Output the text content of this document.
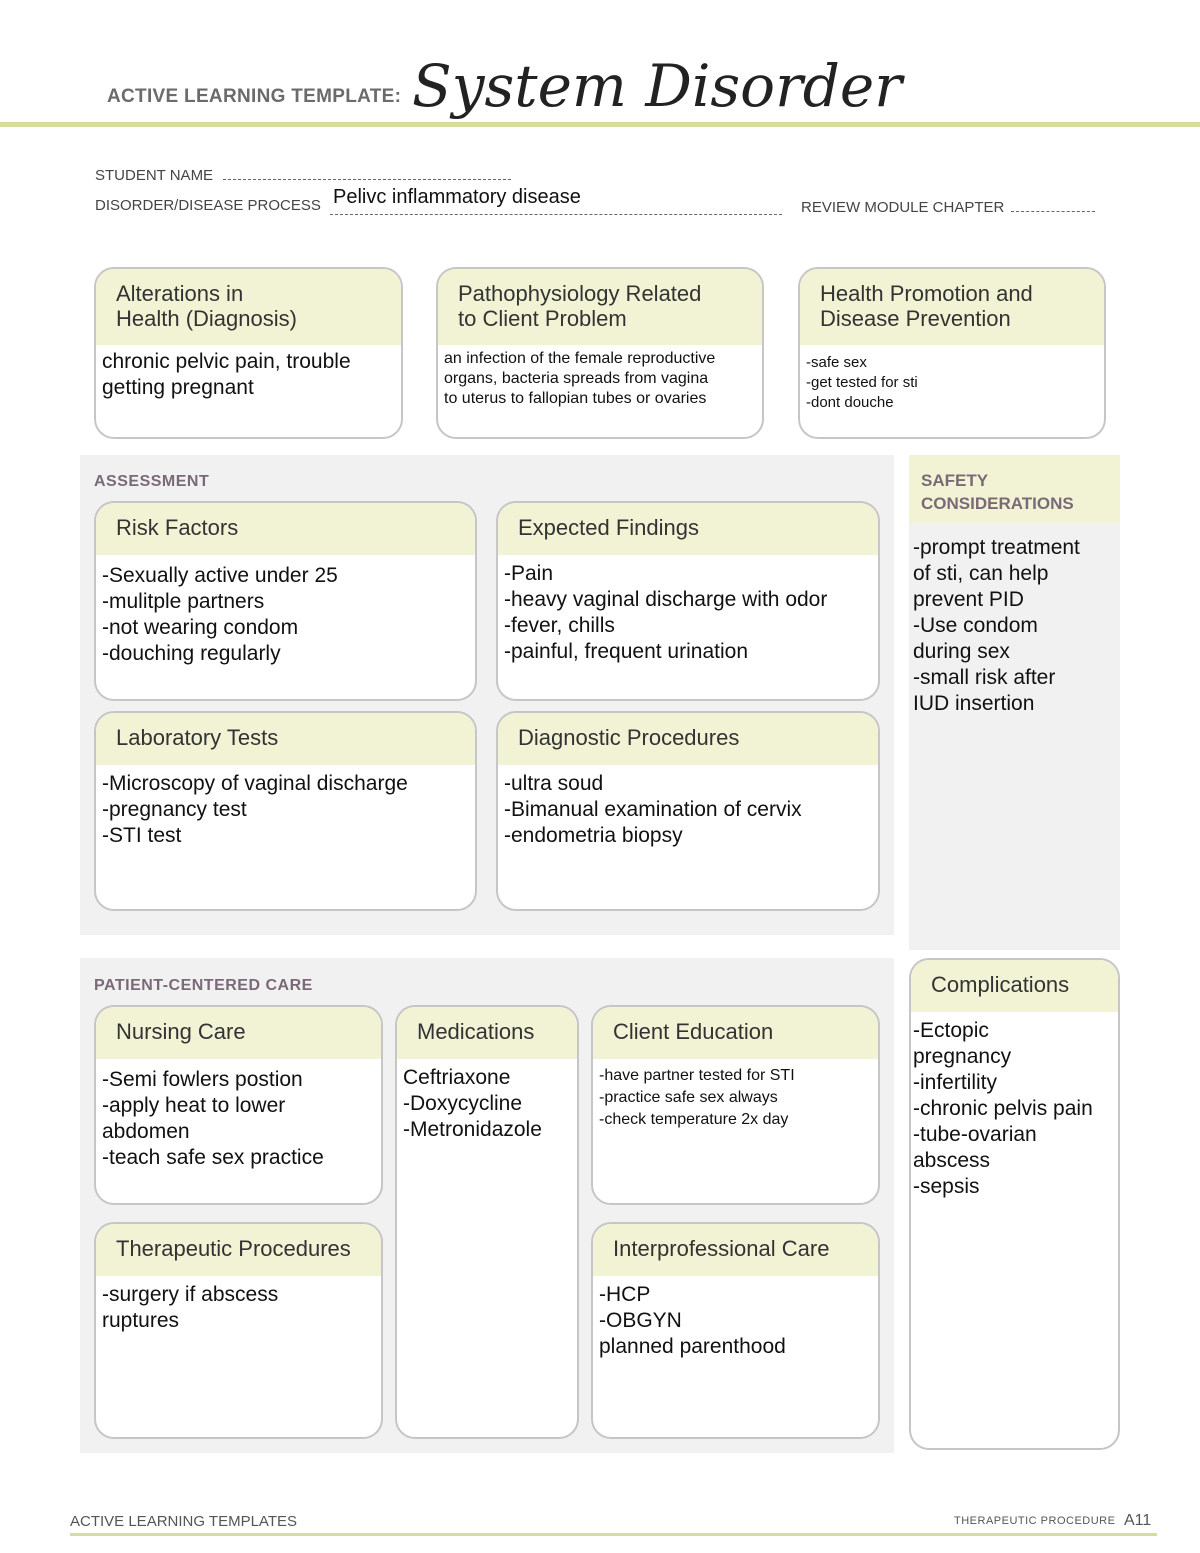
ACTIVE LEARNING TEMPLATE: System Disorder
STUDENT NAME
DISORDER/DISEASE PROCESS Pelivc inflammatory disease	REVIEW MODULE CHAPTER
Alterations in
Health (Diagnosis)
chronic pelvic pain, trouble
getting pregnant
Pathophysiology Related
to Client Problem
an infection of the female reproductive
organs, bacteria spreads from vagina
to uterus to fallopian tubes or ovaries
Health Promotion and
Disease Prevention
-safe sex
-get tested for sti
-dont douche
ASSESSMENT
Risk Factors
-Sexually active under 25
-mulitple partners
-not wearing condom
-douching regularly
Expected Findings
-Pain
-heavy vaginal discharge with odor
-fever, chills
-painful, frequent urination
Laboratory Tests
-Microscopy of vaginal discharge
-pregnancy test
-STI test
Diagnostic Procedures
-ultra soud
-Bimanual examination of cervix
-endometria biopsy
SAFETY
CONSIDERATIONS
-prompt treatment
of sti, can help
prevent PID
-Use condom
during sex
-small risk after
IUD insertion
PATIENT-CENTERED CARE
Nursing Care
-Semi fowlers postion
-apply heat to lower
abdomen
-teach safe sex practice
Medications
Ceftriaxone
-Doxycycline
-Metronidazole
Client Education
-have partner tested for STI
-practice safe sex always
-check temperature 2x day
Therapeutic Procedures
-surgery if abscess
ruptures
Interprofessional Care
-HCP
-OBGYN
planned parenthood
Complications
-Ectopic
pregnancy
-infertility
-chronic pelvis pain
-tube-ovarian
abscess
-sepsis
ACTIVE LEARNING TEMPLATES	THERAPEUTIC PROCEDURE A11
